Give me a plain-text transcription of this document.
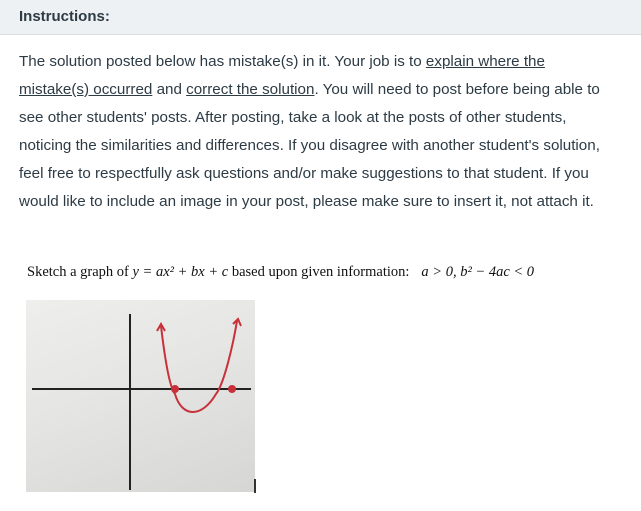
Instructions:
The solution posted below has mistake(s) in it. Your job is to explain where the mistake(s) occurred and correct the solution. You will need to post before being able to see other students' posts. After posting, take a look at the posts of other students, noticing the similarities and differences. If you disagree with another student's solution, feel free to respectfully ask questions and/or make suggestions to that student. If you would like to include an image in your post, please make sure to insert it, not attach it.
Sketch a graph of y = ax² + bx + c based upon given information: a > 0, b² − 4ac < 0
